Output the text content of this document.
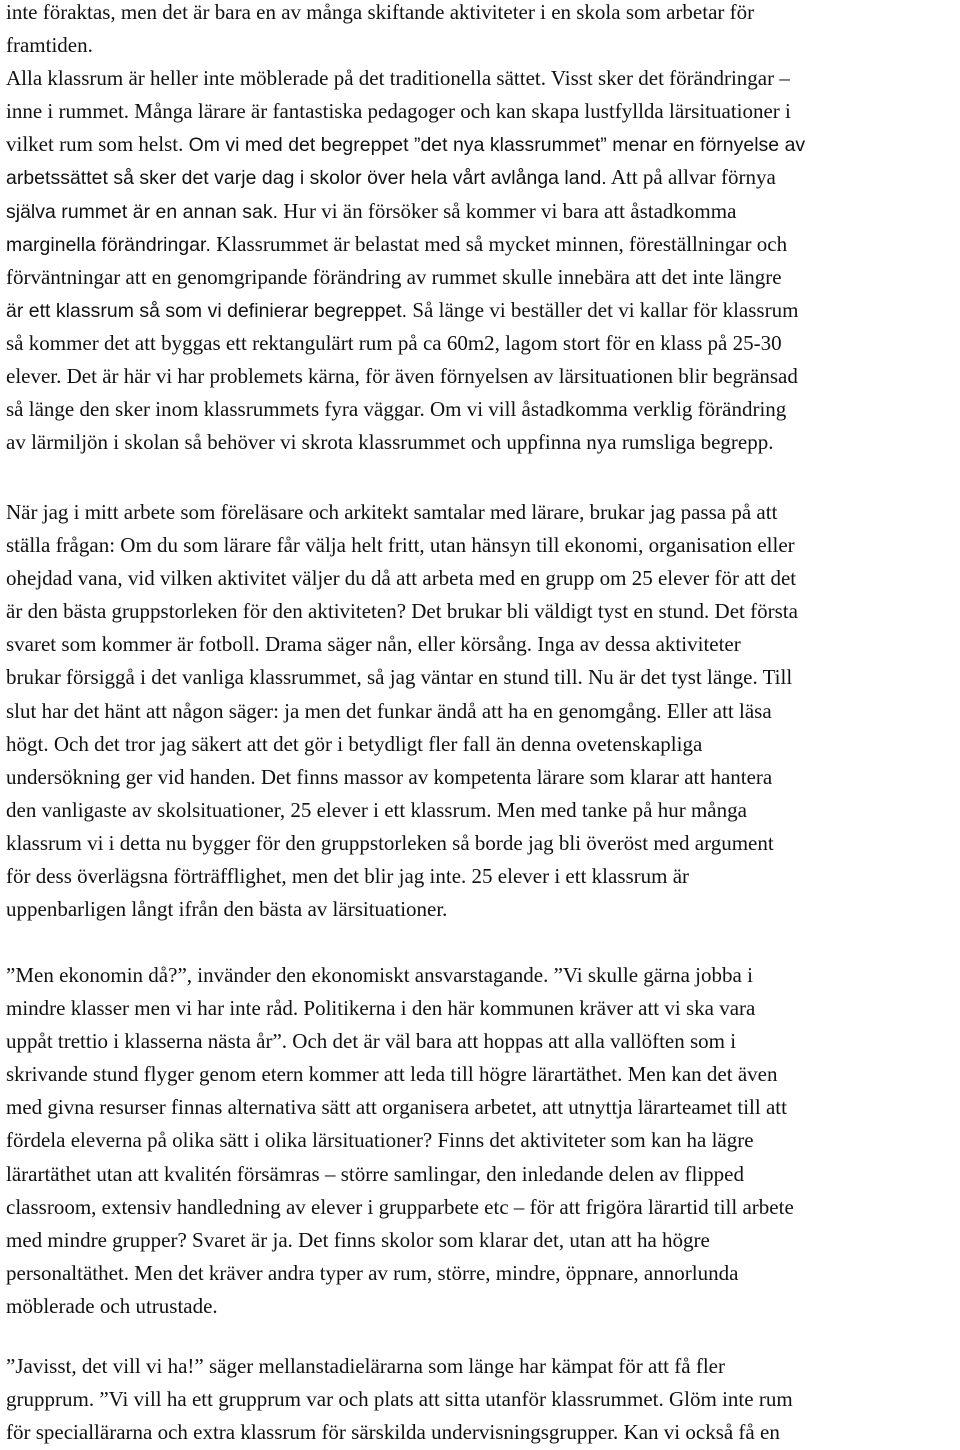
inte föraktas, men det är bara en av många skiftande aktiviteter i en skola som arbetar för
framtiden.
Alla klassrum är heller inte möblerade på det traditionella sättet. Visst sker det förändringar –
inne i rummet. Många lärare är fantastiska pedagoger och kan skapa lustfyllda lärsituationer i
vilket rum som helst. Om vi med det begreppet ”det nya klassrummet” menar en förnyelse av
arbetssättet så sker det varje dag i skolor över hela vårt avlånga land. Att på allvar förnya
själva rummet är en annan sak. Hur vi än försöker så kommer vi bara att åstadkomma
marginella förändringar. Klassrummet är belastat med så mycket minnen, föreställningar och
förväntningar att en genomgripande förändring av rummet skulle innebära att det inte längre
är ett klassrum så som vi definierar begreppet. Så länge vi beställer det vi kallar för klassrum
så kommer det att byggas ett rektangulärt rum på ca 60m2, lagom stort för en klass på 25-30
elever. Det är här vi har problemets kärna, för även förnyelsen av lärsituationen blir begränsad
så länge den sker inom klassrummets fyra väggar. Om vi vill åstadkomma verklig förändring
av lärmiljön i skolan så behöver vi skrota klassrummet och uppfinna nya rumsliga begrepp.
När jag i mitt arbete som föreläsare och arkitekt samtalar med lärare, brukar jag passa på att
ställa frågan: Om du som lärare får välja helt fritt, utan hänsyn till ekonomi, organisation eller
ohejdad vana, vid vilken aktivitet väljer du då att arbeta med en grupp om 25 elever för att det
är den bästa gruppstorleken för den aktiviteten? Det brukar bli väldigt tyst en stund. Det första
svaret som kommer är fotboll. Drama säger nån, eller körsång. Inga av dessa aktiviteter
brukar försiggå i det vanliga klassrummet, så jag väntar en stund till. Nu är det tyst länge. Till
slut har det hänt att någon säger: ja men det funkar ändå att ha en genomgång. Eller att läsa
högt. Och det tror jag säkert att det gör i betydligt fler fall än denna ovetenskapliga
undersökning ger vid handen. Det finns massor av kompetenta lärare som klarar att hantera
den vanligaste av skolsituationer, 25 elever i ett klassrum. Men med tanke på hur många
klassrum vi i detta nu bygger för den gruppstorleken så borde jag bli överöst med argument
för dess överlägsna förträfflighet, men det blir jag inte. 25 elever i ett klassrum är
uppenbarligen långt ifrån den bästa av lärsituationer.
”Men ekonomin då?”, invänder den ekonomiskt ansvarstagande. ”Vi skulle gärna jobba i
mindre klasser men vi har inte råd. Politikerna i den här kommunen kräver att vi ska vara
uppåt trettio i klasserna nästa år”. Och det är väl bara att hoppas att alla vallöften som i
skrivande stund flyger genom etern kommer att leda till högre lärartäthet. Men kan det även
med givna resurser finnas alternativa sätt att organisera arbetet, att utnyttja lärarteamet till att
fördela eleverna på olika sätt i olika lärsituationer? Finns det aktiviteter som kan ha lägre
lärartäthet utan att kvalitén försämras – större samlingar, den inledande delen av flipped
classroom, extensiv handledning av elever i grupparbete etc – för att frigöra lärartid till arbete
med mindre grupper? Svaret är ja. Det finns skolor som klarar det, utan att ha högre
personaltäthet. Men det kräver andra typer av rum, större, mindre, öppnare, annorlunda
möblerade och utrustade.
”Javisst, det vill vi ha!” säger mellanstadielärarna som länge har kämpat för att få fler
grupprum. ”Vi vill ha ett grupprum var och plats att sitta utanför klassrummet. Glöm inte rum
för speciallärarna och extra klassrum för särskilda undervisningsgrupper. Kan vi också få en
